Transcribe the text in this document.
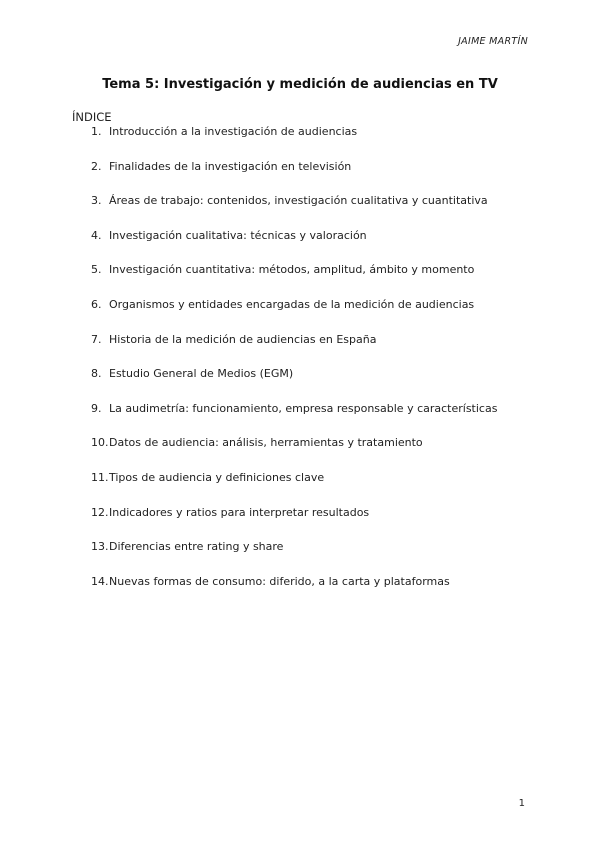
JAIME MARTÍN
Tema 5: Investigación y medición de audiencias en TV
ÍNDICE
1. Introducción a la investigación de audiencias
2. Finalidades de la investigación en televisión
3. Áreas de trabajo: contenidos, investigación cualitativa y cuantitativa
4. Investigación cualitativa: técnicas y valoración
5. Investigación cuantitativa: métodos, amplitud, ámbito y momento
6. Organismos y entidades encargadas de la medición de audiencias
7. Historia de la medición de audiencias en España
8. Estudio General de Medios (EGM)
9. La audimetría: funcionamiento, empresa responsable y características
10. Datos de audiencia: análisis, herramientas y tratamiento
11. Tipos de audiencia y definiciones clave
12. Indicadores y ratios para interpretar resultados
13. Diferencias entre rating y share
14. Nuevas formas de consumo: diferido, a la carta y plataformas
1
